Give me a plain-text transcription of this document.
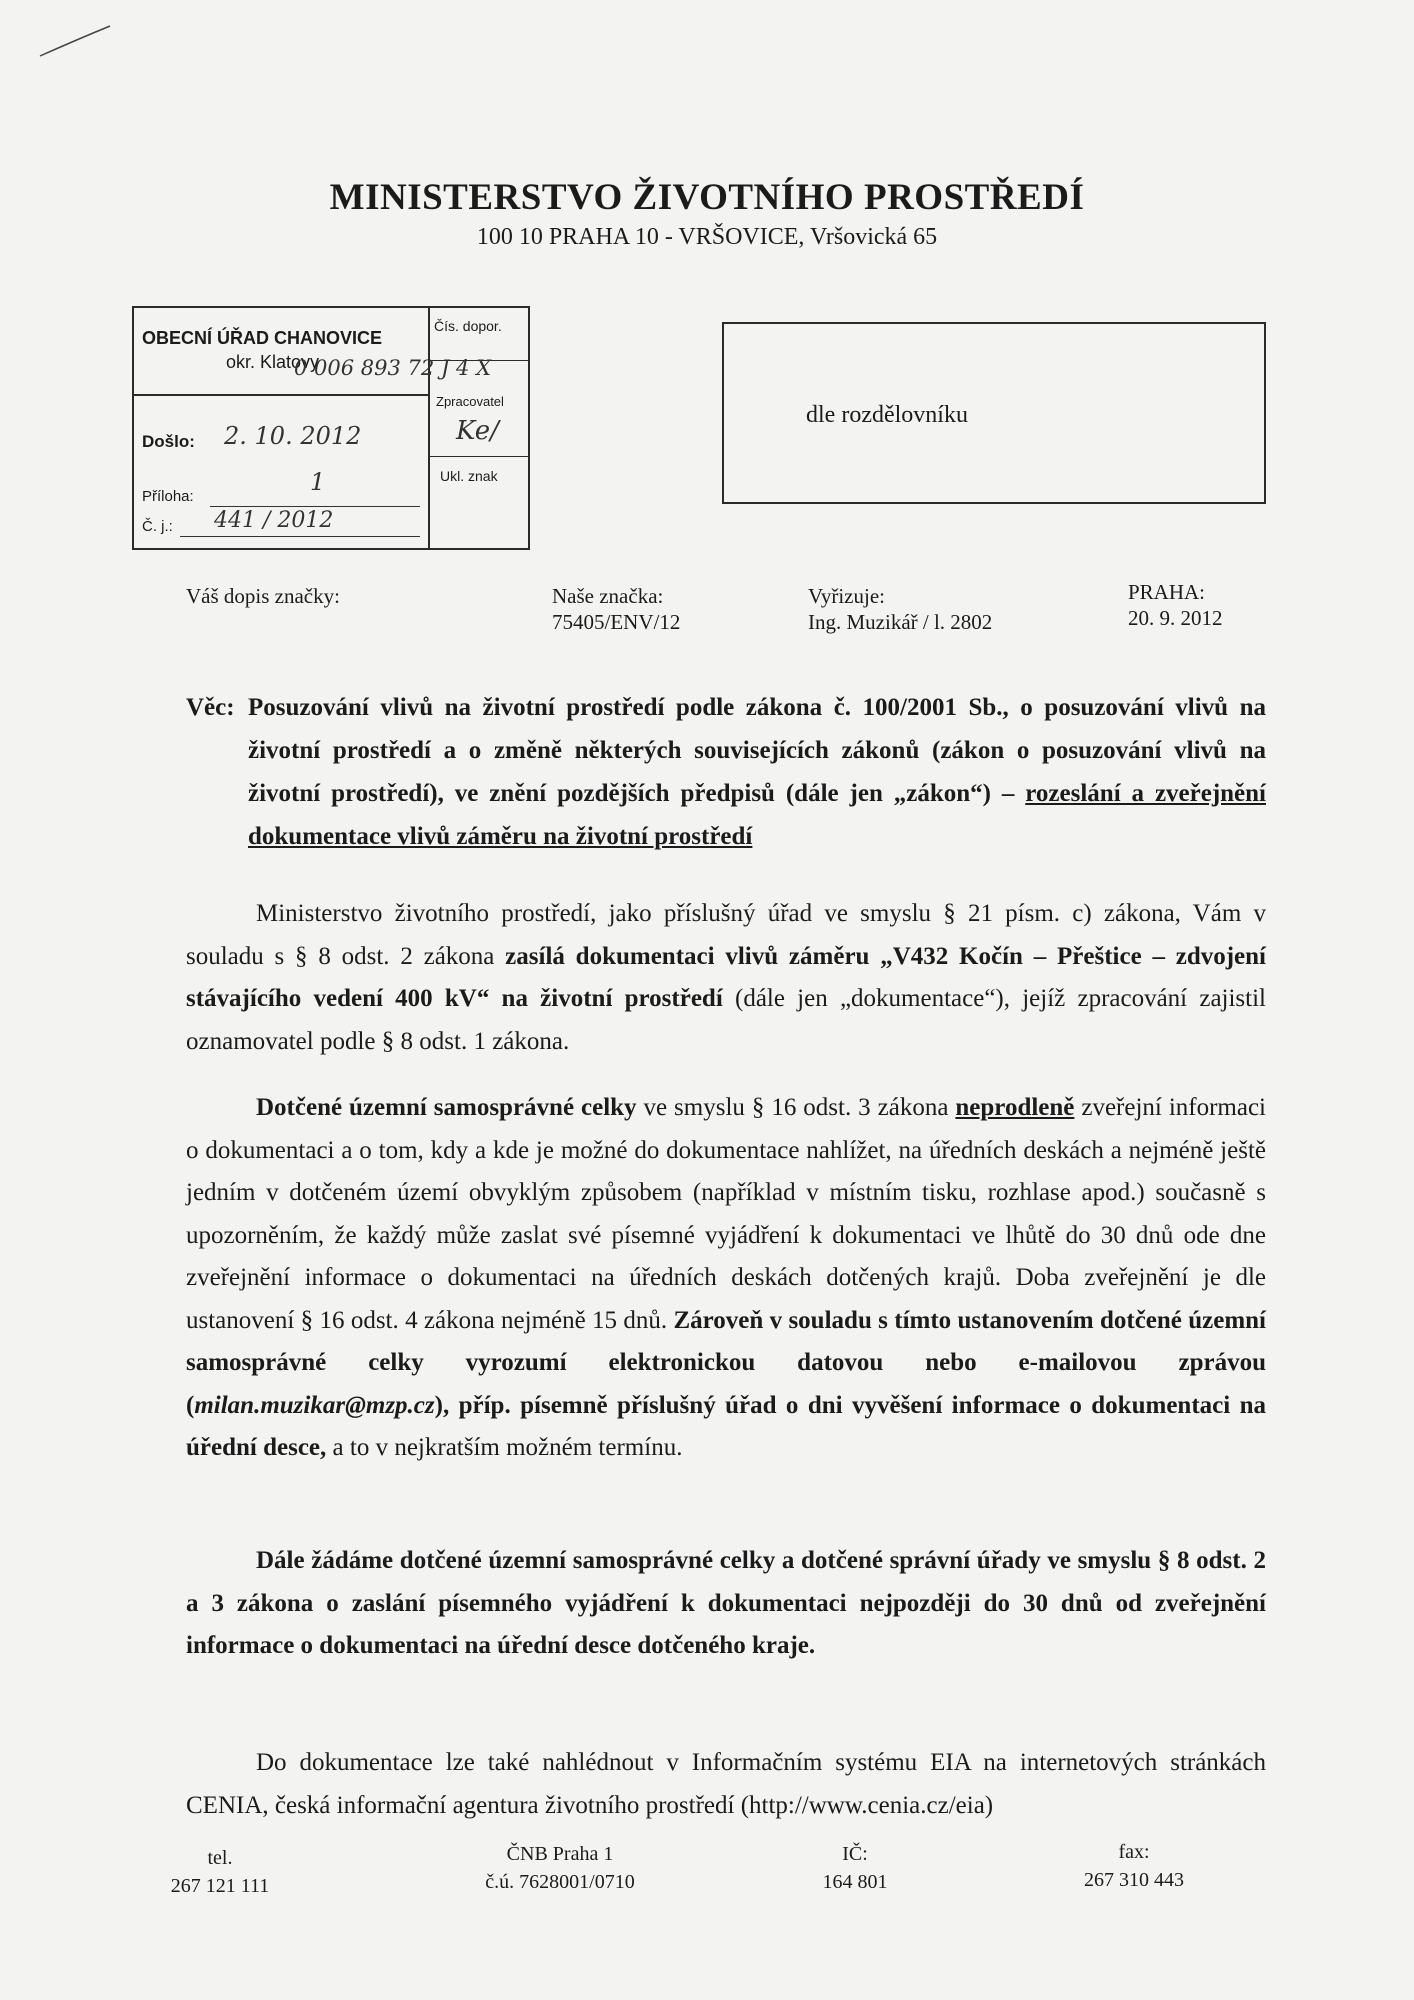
MINISTERSTVO ŽIVOTNÍHO PROSTŘEDÍ
100 10 PRAHA 10 - VRŠOVICE, Vršovická 65
OBECNÍ ÚŘAD CHANOVICE
okr. Klatovy
Došlo: 2. 10. 2012
Příloha:
1
Č. j.: 441 / 2012
Čís. dopor.
0 006 893 72 J 4 X
Zpracovatel
Ke/
Ukl. znak
dle rozdělovníku
Váš dopis značky:	Naše značka:
75405/ENV/12
Vyřizuje:
Ing. Muzikář / l. 2802
PRAHA:
20. 9. 2012
Věc: Posuzování vlivů na životní prostředí podle zákona č. 100/2001 Sb., o posuzování vlivů na životní prostředí a o změně některých souvisejících zákonů (zákon o posuzování vlivů na životní prostředí), ve znění pozdějších předpisů (dále jen „zákon“) – rozeslání a zveřejnění dokumentace vlivů záměru na životní prostředí

Ministerstvo životního prostředí, jako příslušný úřad ve smyslu § 21 písm. c) zákona, Vám v souladu s § 8 odst. 2 zákona zasílá dokumentaci vlivů záměru „V432 Kočín – Přeštice – zdvojení stávajícího vedení 400 kV“ na životní prostředí (dále jen „dokumentace“), jejíž zpracování zajistil oznamovatel podle § 8 odst. 1 zákona.

Dotčené územní samosprávné celky ve smyslu § 16 odst. 3 zákona neprodleně zveřejní informaci o dokumentaci a o tom, kdy a kde je možné do dokumentace nahlížet, na úředních deskách a nejméně ještě jedním v dotčeném území obvyklým způsobem (například v místním tisku, rozhlase apod.) současně s upozorněním, že každý může zaslat své písemné vyjádření k dokumentaci ve lhůtě do 30 dnů ode dne zveřejnění informace o dokumentaci na úředních deskách dotčených krajů. Doba zveřejnění je dle ustanovení § 16 odst. 4 zákona nejméně 15 dnů. Zároveň v souladu s tímto ustanovením dotčené územní samosprávné celky vyrozumí elektronickou datovou nebo e-mailovou zprávou (milan.muzikar@mzp.cz), příp. písemně příslušný úřad o dni vyvěšení informace o dokumentaci na úřední desce, a to v nejkratším možném termínu.

Dále žádáme dotčené územní samosprávné celky a dotčené správní úřady ve smyslu § 8 odst. 2 a 3 zákona o zaslání písemného vyjádření k dokumentaci nejpozději do 30 dnů od zveřejnění informace o dokumentaci na úřední desce dotčeného kraje.

Do dokumentace lze také nahlédnout v Informačním systému EIA na internetových stránkách CENIA, česká informační agentura životního prostředí (http://www.cenia.cz/eia)

tel.
267 121 111
ČNB Praha 1
č.ú. 7628001/0710
IČ:
164 801
fax:
267 310 443
